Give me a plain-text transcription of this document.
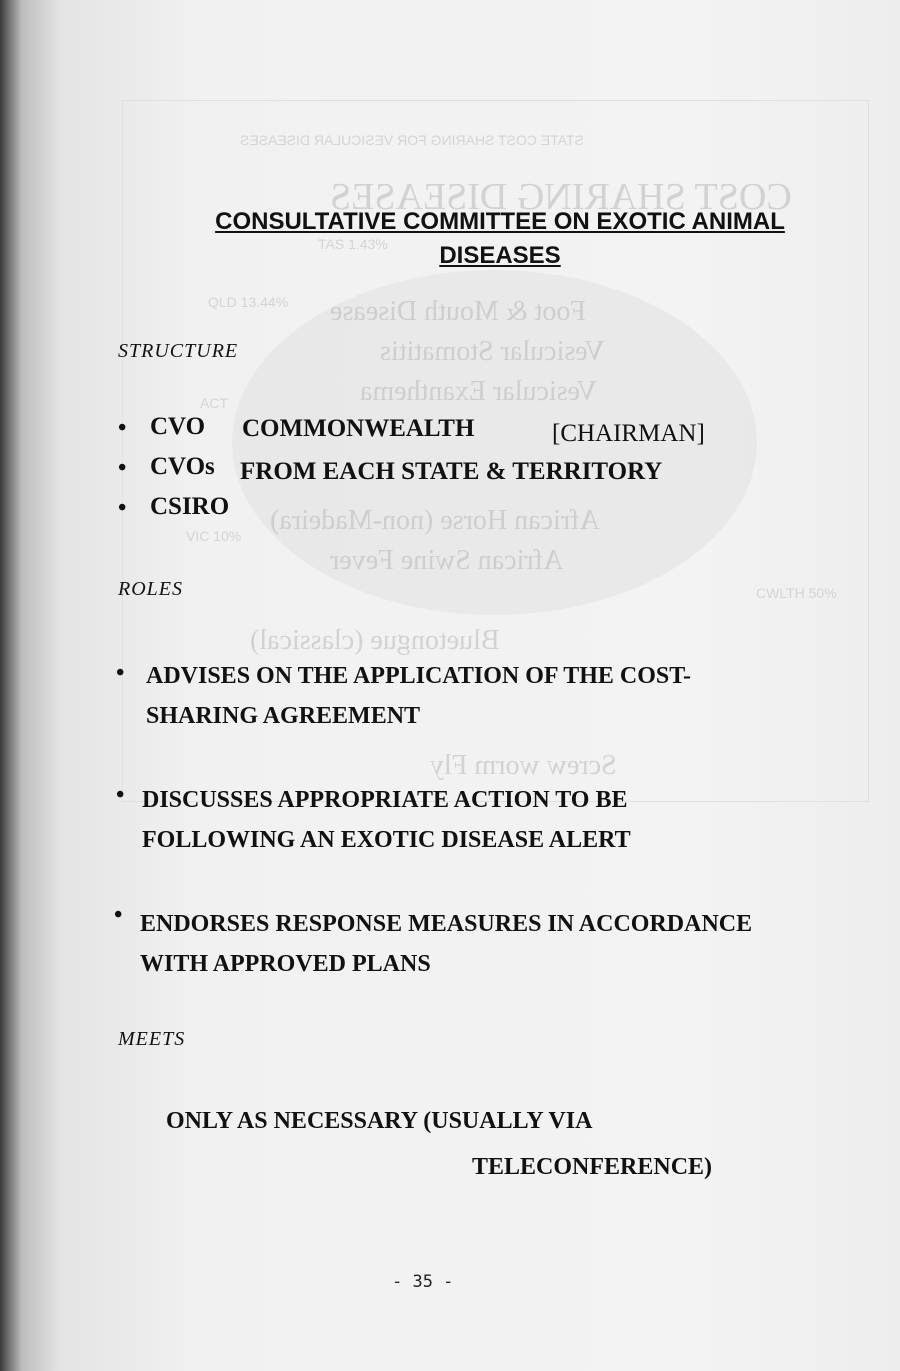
STATE COST SHARING FOR VESICULAR DISEASES
COST SHARING DISEASES
TAS 1.43%
QLD 13.44%
ACT
VIC 10%
CWLTH 50%
Foot & Mouth Disease
Vesicular Stomatitis
Vesicular Exanthema
African Horse (non-Madeira)
African Swine Fever
Bluetongue (classical)
Screw worm Fly
CONSULTATIVE COMMITTEE ON EXOTIC ANIMAL
DISEASES
STRUCTURE
• CVO COMMONWEALTH	[CHAIRMAN]
• CVOs FROM EACH STATE & TERRITORY
• CSIRO
ROLES
• ADVISES ON THE APPLICATION OF THE COST-
SHARING AGREEMENT
• DISCUSSES APPROPRIATE ACTION TO BE
FOLLOWING AN EXOTIC DISEASE ALERT
• ENDORSES RESPONSE MEASURES IN ACCORDANCE
WITH APPROVED PLANS
MEETS
ONLY AS NECESSARY (USUALLY VIA
TELECONFERENCE)
- 35 -
